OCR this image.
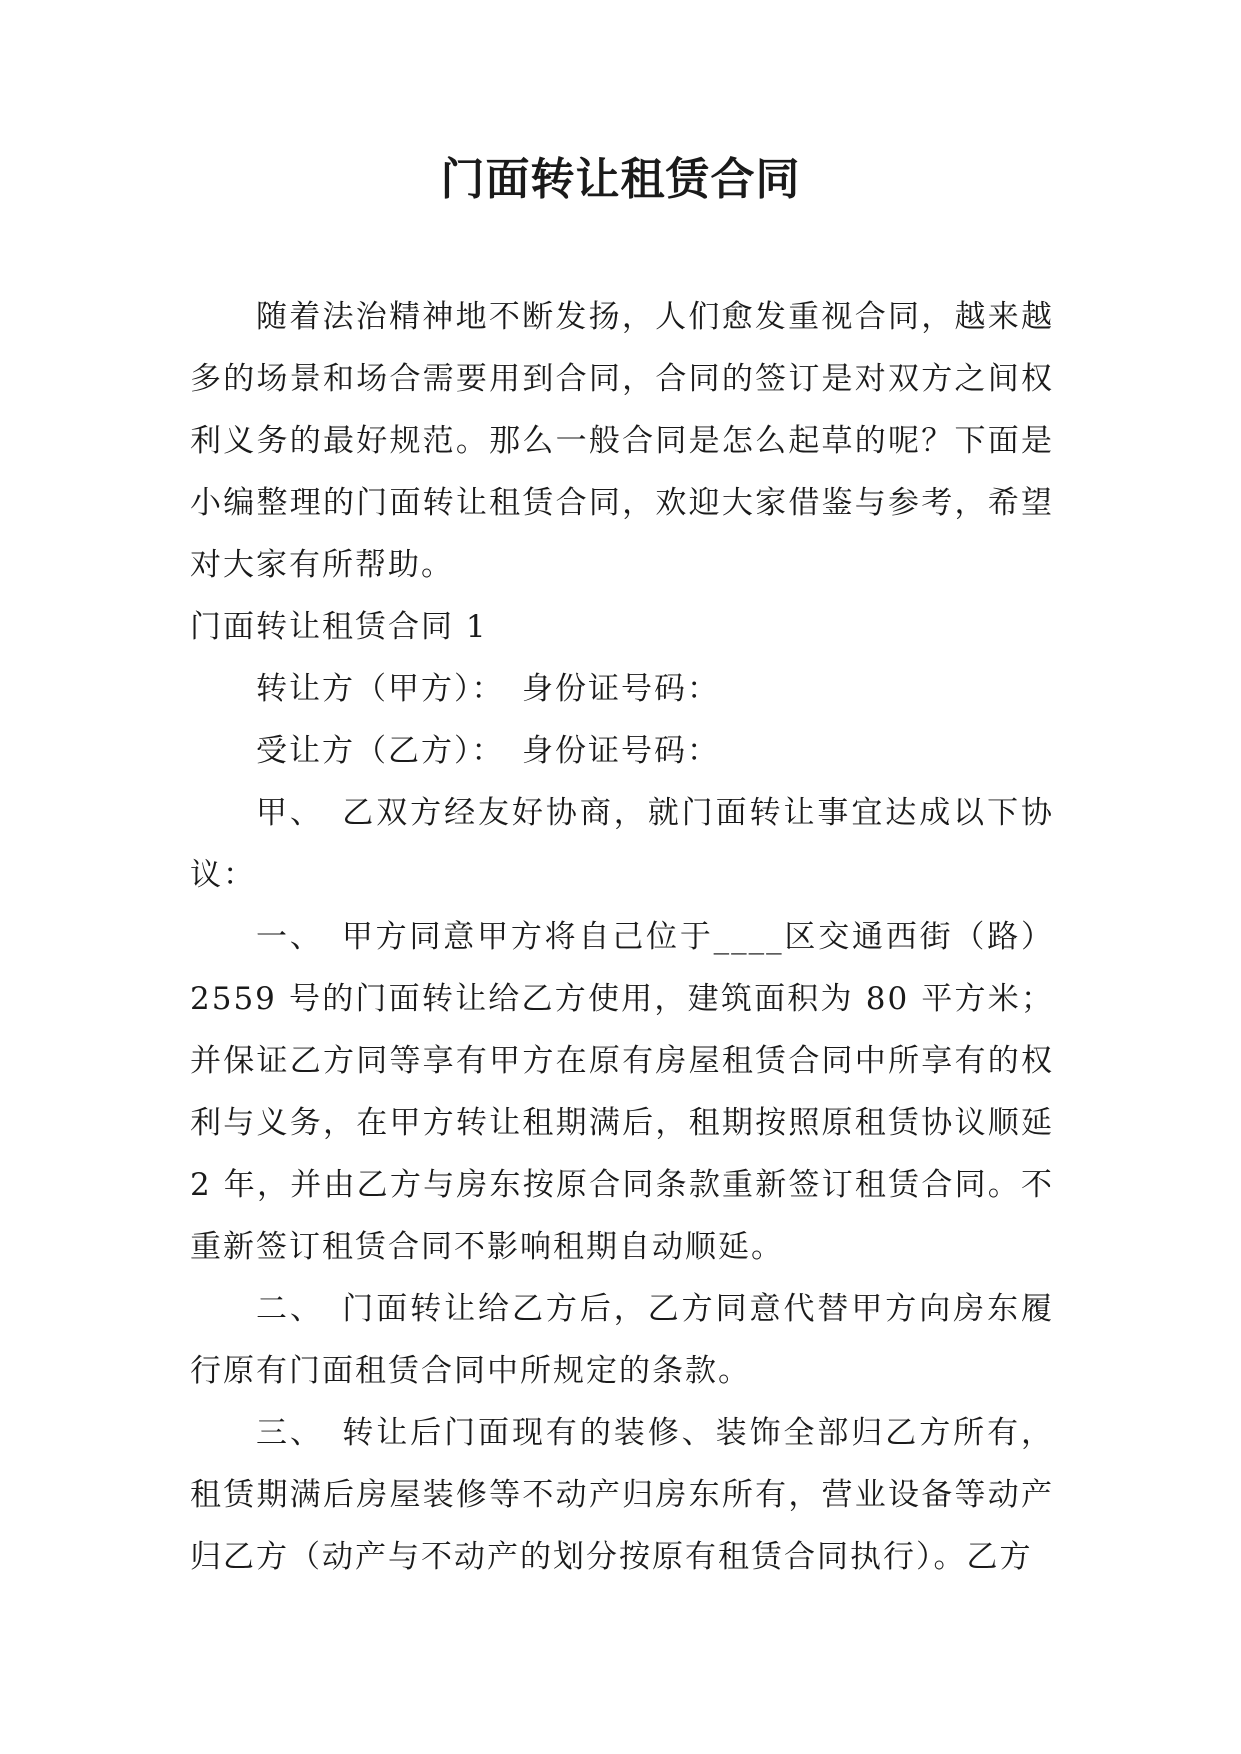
门面转让租赁合同

随着法治精神地不断发扬，人们愈发重视合同，越来越多的场景和场合需要用到合同，合同的签订是对双方之间权利义务的最好规范。那么一般合同是怎么起草的呢？下面是小编整理的门面转让租赁合同，欢迎大家借鉴与参考，希望对大家有所帮助。

门面转让租赁合同 1

转让方（甲方）：　身份证号码：

受让方（乙方）：　身份证号码：

甲、　乙双方经友好协商，就门面转让事宜达成以下协议：

一、　甲方同意甲方将自己位于____区交通西街（路）2559 号的门面转让给乙方使用，建筑面积为 80 平方米；并保证乙方同等享有甲方在原有房屋租赁合同中所享有的权利与义务，在甲方转让租期满后，租期按照原租赁协议顺延 2 年，并由乙方与房东按原合同条款重新签订租赁合同。不重新签订租赁合同不影响租期自动顺延。

二、　门面转让给乙方后，乙方同意代替甲方向房东履行原有门面租赁合同中所规定的条款。

三、　转让后门面现有的装修、装饰全部归乙方所有，租赁期满后房屋装修等不动产归房东所有，营业设备等动产归乙方（动产与不动产的划分按原有租赁合同执行）。乙方
